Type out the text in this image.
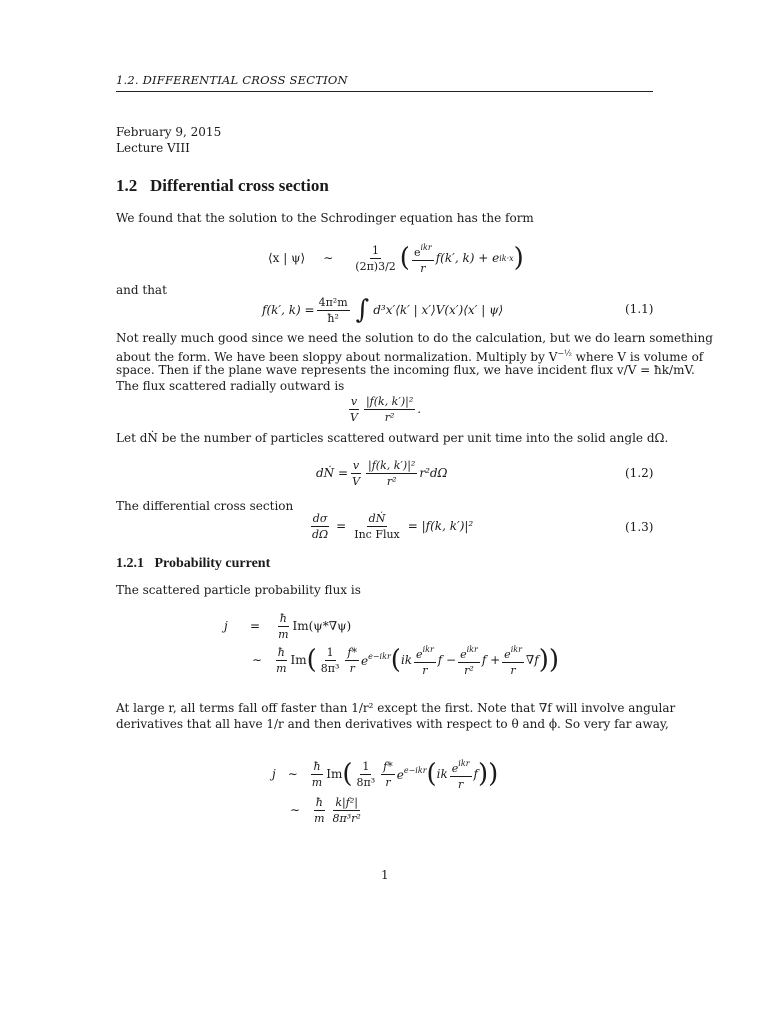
1.2. DIFFERENTIAL CROSS SECTION
February 9, 2015
Lecture VIII
1.2 Differential cross section
We found that the solution to the Schrodinger equation has the form
⟨x | ψ⟩ ∼ $\frac{1}{(2\pi)3/2}$ ( $\frac{e^{ikr}}{r} f(k'$, k) + e ik·x )
and that
f(k′, $k) = \frac{\text{4π²m}}{\text{ħ²}}$ ∫ d³x′⟨k′ | x′⟩V(x′)⟨x′ | ψ⟩	(1.1)
Not really much good since we need the solution to do the calculation, but we do learn something
about the form. We have been sloppy about normalization. Multiply by $V^{-\frac{1}{2}}$ where V is volume of
space. Then if the plane wave represents the incoming flux, we have incident flux v/V = ħk/mV.
The flux scattered radially outward is
$\frac{v}{V} \frac{\text{|f(k, k′)|²}}{\text{r²}}$ .
Let dṄ be the number of particles scattered outward per unit time into the solid angle dΩ.
dṄ = $\frac{v}{V} \frac{\text{|f(k, k′)|²}}{\text{r²}} r^2d\Omega$	(1.2)
The differential cross section
$\frac{d\sigma}{d\Omega} = \frac{\text{dṄ}}{\text{Inc Flux}} = |f(k$, k′)|²	(1.3)
1.2.1 Probability current
The scattered particle probability flux is
j	= $\frac{ħ}{m} Im(\psi*\nabla\psi)$
∼ $\frac{ħ}{m}$ Im ( $\frac{1}{\text{8π³}} \frac{f*}{r} e^{e-ikr}$ ( ik $\frac{e^{ikr}}{r}$ $f - \frac{e^{ikr}}{\text{r²}}$ $f + \frac{e^{ikr}}{r} \nabla f$ ))
At large r, all terms fall off faster than 1/r² except the first. Note that ∇f will involve angular
derivatives that all have 1/r and then derivatives with respect to θ and ϕ. So very far away,
j ∼ $\frac{ħ}{m}$ Im ( $\frac{1}{\text{8π³}} \frac{f*}{r} e^{e-ikr}$ ( ik $\frac{e^{ikr}}{r}$ f ))
∼ $\frac{ħ}{m} \frac{\text{k|f²|}}{\text{8π³r²}}$
1
